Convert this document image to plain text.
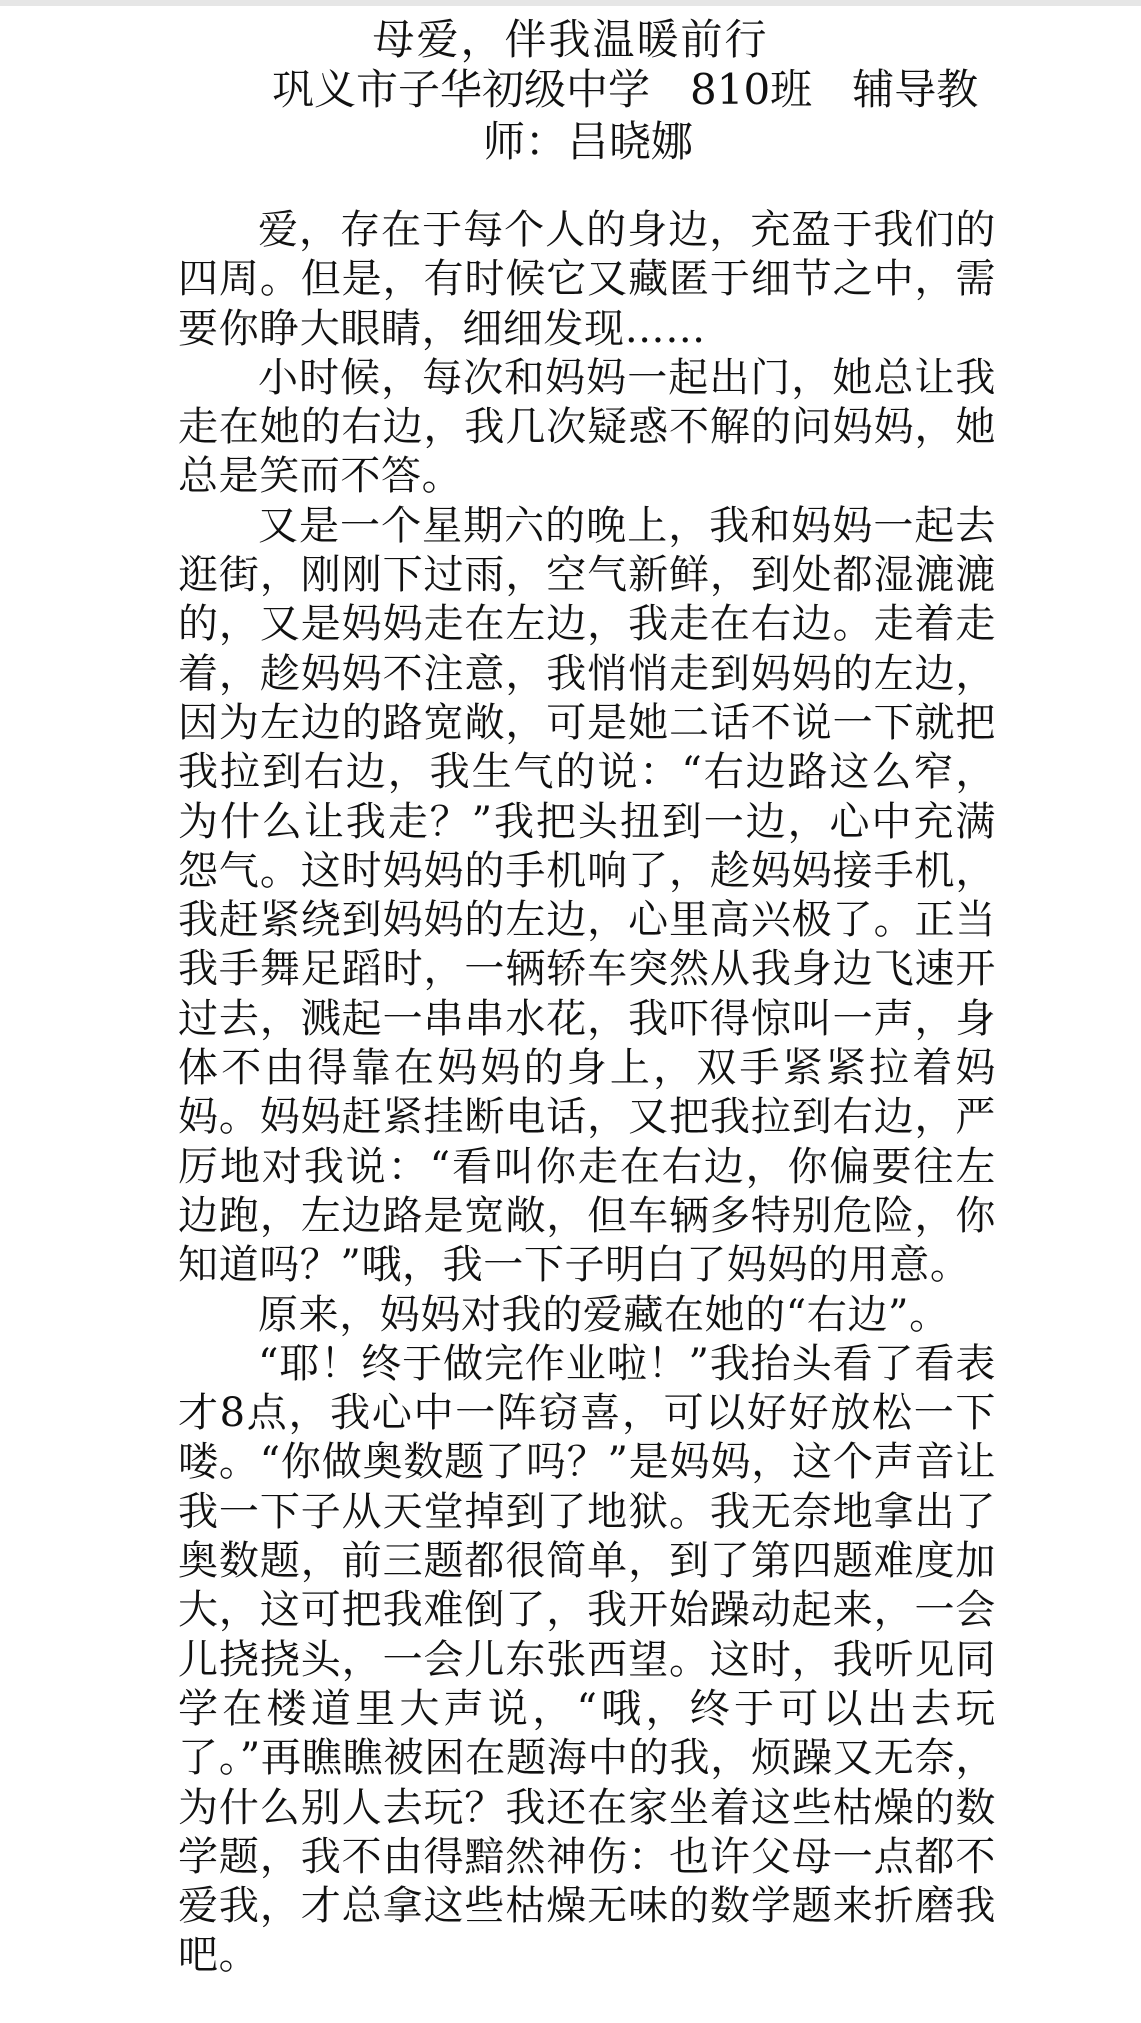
母爱，伴我温暖前行
巩义市子华初级中学 810班 辅导教
师：吕晓娜

爱，存在于每个人的身边，充盈于我们的四周。但是，有时候它又藏匿于细节之中，需要你睁大眼睛，细细发现……

小时候，每次和妈妈一起出门，她总让我走在她的右边，我几次疑惑不解的问妈妈，她总是笑而不答。

又是一个星期六的晚上，我和妈妈一起去逛街，刚刚下过雨，空气新鲜，到处都湿漉漉的，又是妈妈走在左边，我走在右边。走着走着，趁妈妈不注意，我悄悄走到妈妈的左边，因为左边的路宽敞，可是她二话不说一下就把我拉到右边，我生气的说：“右边路这么窄，为什么让我走？”我把头扭到一边，心中充满怨气。这时妈妈的手机响了，趁妈妈接手机，我赶紧绕到妈妈的左边，心里高兴极了。正当我手舞足蹈时，一辆轿车突然从我身边飞速开过去，溅起一串串水花，我吓得惊叫一声，身体不由得靠在妈妈的身上，双手紧紧拉着妈妈。妈妈赶紧挂断电话，又把我拉到右边，严厉地对我说：“看叫你走在右边，你偏要往左边跑，左边路是宽敞，但车辆多特别危险，你知道吗？”哦，我一下子明白了妈妈的用意。

原来，妈妈对我的爱藏在她的“右边”。

“耶！终于做完作业啦！”我抬头看了看表才8点，我心中一阵窃喜，可以好好放松一下喽。“你做奥数题了吗？”是妈妈，这个声音让我一下子从天堂掉到了地狱。我无奈地拿出了奥数题，前三题都很简单，到了第四题难度加大，这可把我难倒了，我开始躁动起来，一会儿挠挠头，一会儿东张西望。这时，我听见同学在楼道里大声说，“哦，终于可以出去玩了。”再瞧瞧被困在题海中的我，烦躁又无奈，为什么别人去玩？我还在家坐着这些枯燥的数学题，我不由得黯然神伤：也许父母一点都不爱我，才总拿这些枯燥无味的数学题来折磨我吧。
